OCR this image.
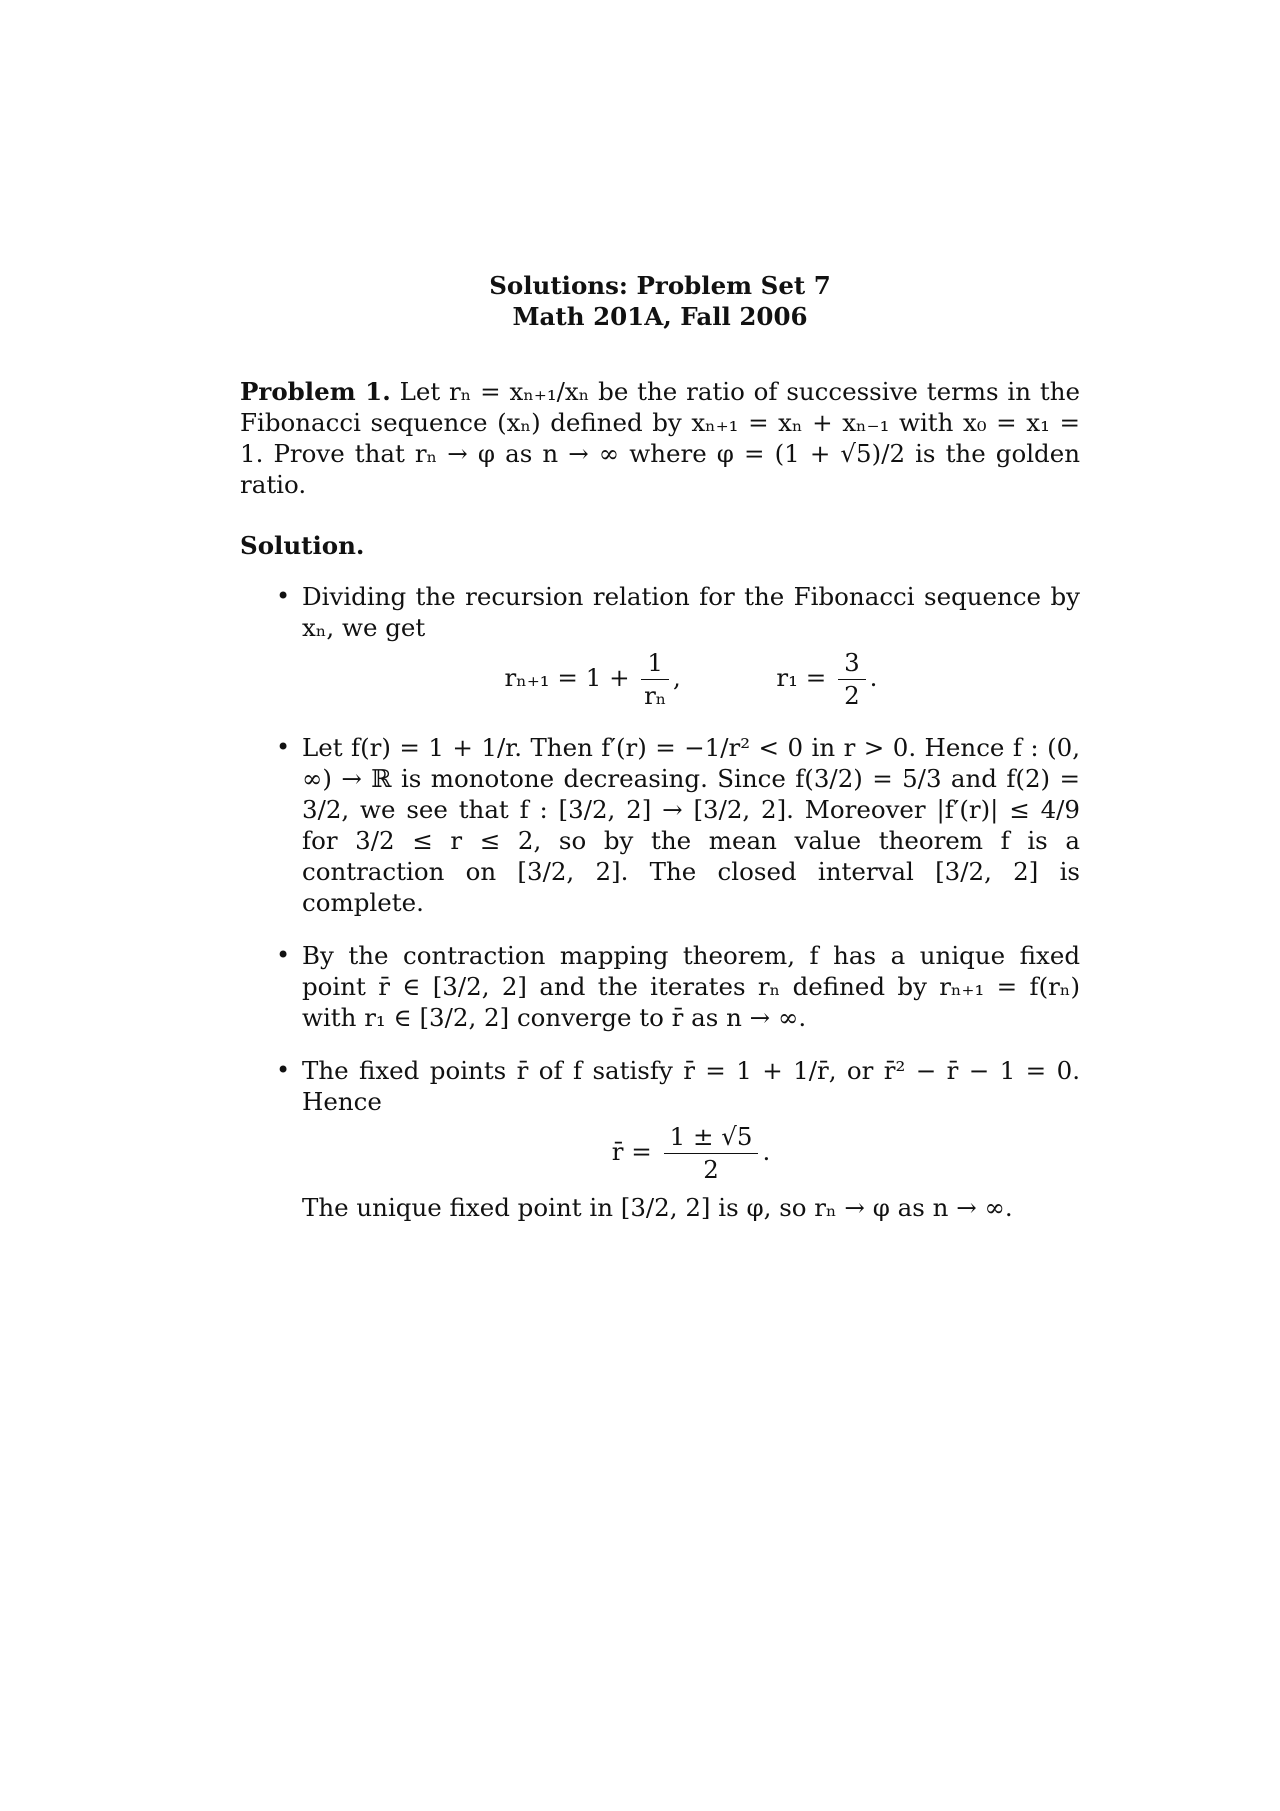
Solutions: Problem Set 7
Math 201A, Fall 2006

Problem 1. Let rₙ = xₙ₊₁/xₙ be the ratio of successive terms in the Fibonacci sequence (xₙ) defined by xₙ₊₁ = xₙ + xₙ₋₁ with x₀ = x₁ = 1. Prove that rₙ → φ as n → ∞ where φ = (1 + √5)/2 is the golden ratio.

Solution.

• Dividing the recursion relation for the Fibonacci sequence by xₙ, we get

$r_{n+1} = 1 + \frac{1}{\text{rₙ}}$ ,	$r_1 = \frac{3}{2}$ .

• Let f(r) = 1 + 1/r. Then f′(r) = −1/r² < 0 in r > 0. Hence f : (0, ∞) → ℝ is monotone decreasing. Since f(3/2) = 5/3 and f(2) = 3/2, we see that f : [3/2, 2] → [3/2, 2]. Moreover |f′(r)| ≤ 4/9 for 3/2 ≤ r ≤ 2, so by the mean value theorem f is a contraction on [3/2, 2]. The closed interval [3/2, 2] is complete.

• By the contraction mapping theorem, f has a unique fixed point r̄ ∈ [3/2, 2] and the iterates rₙ defined by rₙ₊₁ = f(rₙ) with r₁ ∈ [3/2, 2] converge to r̄ as n → ∞.

• The fixed points r̄ of f satisfy r̄ = 1 + 1/r̄, or r̄² − r̄ − 1 = 0. Hence

r̄ = $\frac{1 \pm √5}{2}$ .

The unique fixed point in [3/2, 2] is φ, so rₙ → φ as n → ∞.
